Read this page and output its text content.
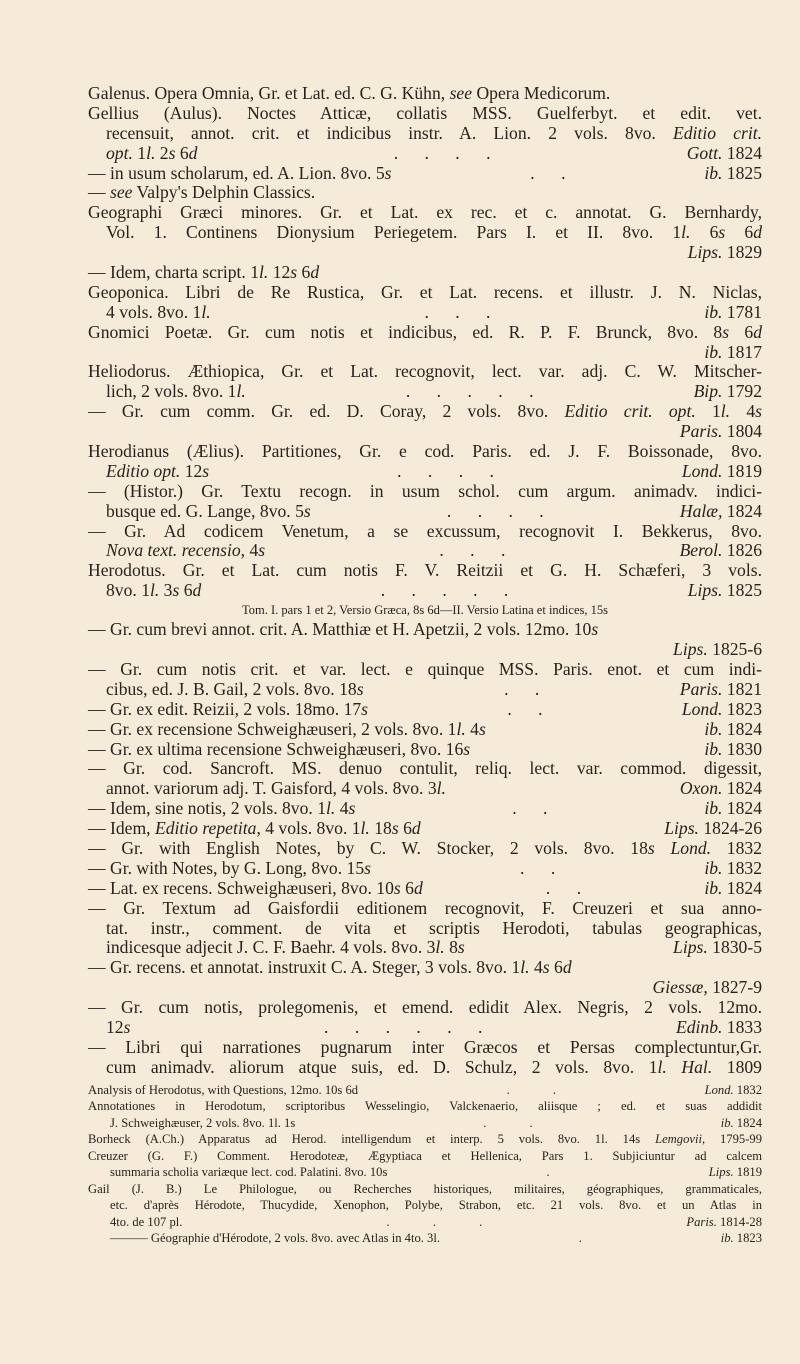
Galenus. Opera Omnia, Gr. et Lat. ed. C. G. Kühn, see Opera Medicorum.
Gellius (Aulus). Noctes Atticæ, collatis MSS. Guelferbyt. et edit. vet.
recensuit, annot. crit. et indicibus instr. A. Lion. 2 vols. 8vo. Editio crit.
opt. 1l. 2s 6d	. . . .	Gott. 1824
— in usum scholarum, ed. A. Lion. 8vo. 5s	. .	ib. 1825
— see Valpy's Delphin Classics.
Geographi Græci minores. Gr. et Lat. ex rec. et c. annotat. G. Bernhardy,
Vol. 1. Continens Dionysium Periegetem. Pars I. et II. 8vo. 1l. 6s 6d
Lips. 1829
— Idem, charta script. 1l. 12s 6d
Geoponica. Libri de Re Rustica, Gr. et Lat. recens. et illustr. J. N. Niclas,
4 vols. 8vo. 1l.	. . .	ib. 1781
Gnomici Poetæ. Gr. cum notis et indicibus, ed. R. P. F. Brunck, 8vo. 8s 6d
ib. 1817
Heliodorus. Æthiopica, Gr. et Lat. recognovit, lect. var. adj. C. W. Mitscher-
lich, 2 vols. 8vo. 1l.	. . . . .	Bip. 1792
— Gr. cum comm. Gr. ed. D. Coray, 2 vols. 8vo. Editio crit. opt. 1l. 4s
Paris. 1804
Herodianus (Ælius). Partitiones, Gr. e cod. Paris. ed. J. F. Boissonade, 8vo.
Editio opt. 12s	. . . .	Lond. 1819
— (Histor.) Gr. Textu recogn. in usum schol. cum argum. animadv. indici-
busque ed. G. Lange, 8vo. 5s	. . . .	Halæ, 1824
— Gr. Ad codicem Venetum, a se excussum, recognovit I. Bekkerus, 8vo.
Nova text. recensio, 4s	. . .	Berol. 1826
Herodotus. Gr. et Lat. cum notis F. V. Reitzii et G. H. Schæferi, 3 vols.
8vo. 1l. 3s 6d	. . . . .	Lips. 1825
Tom. I. pars 1 et 2, Versio Græca, 8s 6d—II. Versio Latina et indices, 15s
— Gr. cum brevi annot. crit. A. Matthiæ et H. Apetzii, 2 vols. 12mo. 10s
Lips. 1825-6
— Gr. cum notis crit. et var. lect. e quinque MSS. Paris. enot. et cum indi-
cibus, ed. J. B. Gail, 2 vols. 8vo. 18s	. .	Paris. 1821
— Gr. ex edit. Reizii, 2 vols. 18mo. 17s	. .	Lond. 1823
— Gr. ex recensione Schweighæuseri, 2 vols. 8vo. 1l. 4s	ib. 1824
— Gr. ex ultima recensione Schweighæuseri, 8vo. 16s	ib. 1830
— Gr. cod. Sancroft. MS. denuo contulit, reliq. lect. var. commod. digessit,
annot. variorum adj. T. Gaisford, 4 vols. 8vo. 3l.	Oxon. 1824
— Idem, sine notis, 2 vols. 8vo. 1l. 4s	. .	ib. 1824
— Idem, Editio repetita, 4 vols. 8vo. 1l. 18s 6d	Lips. 1824-26
— Gr. with English Notes, by C. W. Stocker, 2 vols. 8vo. 18s Lond. 1832
— Gr. with Notes, by G. Long, 8vo. 15s	. .	ib. 1832
— Lat. ex recens. Schweighæuseri, 8vo. 10s 6d	. .	ib. 1824
— Gr. Textum ad Gaisfordii editionem recognovit, F. Creuzeri et sua anno-
tat. instr., comment. de vita et scriptis Herodoti, tabulas geographicas,
indicesque adjecit J. C. F. Baehr. 4 vols. 8vo. 3l. 8s	Lips. 1830-5
— Gr. recens. et annotat. instruxit C. A. Steger, 3 vols. 8vo. 1l. 4s 6d
Giessæ, 1827-9
— Gr. cum notis, prolegomenis, et emend. edidit Alex. Negris, 2 vols. 12mo.
12s	. . . . . .	Edinb. 1833
— Libri qui narrationes pugnarum inter Græcos et Persas complectuntur,Gr.
cum animadv. aliorum atque suis, ed. D. Schulz, 2 vols. 8vo. 1l. Hal. 1809
Analysis of Herodotus, with Questions, 12mo. 10s 6d	. .	Lond. 1832
Annotationes in Herodotum, scriptoribus Wesselingio, Valckenaerio, aliisque ; ed. et suas addidit
J. Schweighæuser, 2 vols. 8vo. 1l. 1s	. .	ib. 1824
Borheck (A.Ch.) Apparatus ad Herod. intelligendum et interp. 5 vols. 8vo. 1l. 14s Lemgovii, 1795-99
Creuzer (G. F.) Comment. Herodoteæ, Ægyptiaca et Hellenica, Pars 1. Subjiciuntur ad calcem
summaria scholia variæque lect. cod. Palatini. 8vo. 10s	.	Lips. 1819
Gail (J. B.) Le Philologue, ou Recherches historiques, militaires, géographiques, grammaticales,
etc. d'après Hérodote, Thucydide, Xenophon, Polybe, Strabon, etc. 21 vols. 8vo. et un Atlas in
4to. de 107 pl.	. . .	Paris. 1814-28
——— Géographie d'Hérodote, 2 vols. 8vo. avec Atlas in 4to. 3l.	.	ib. 1823
